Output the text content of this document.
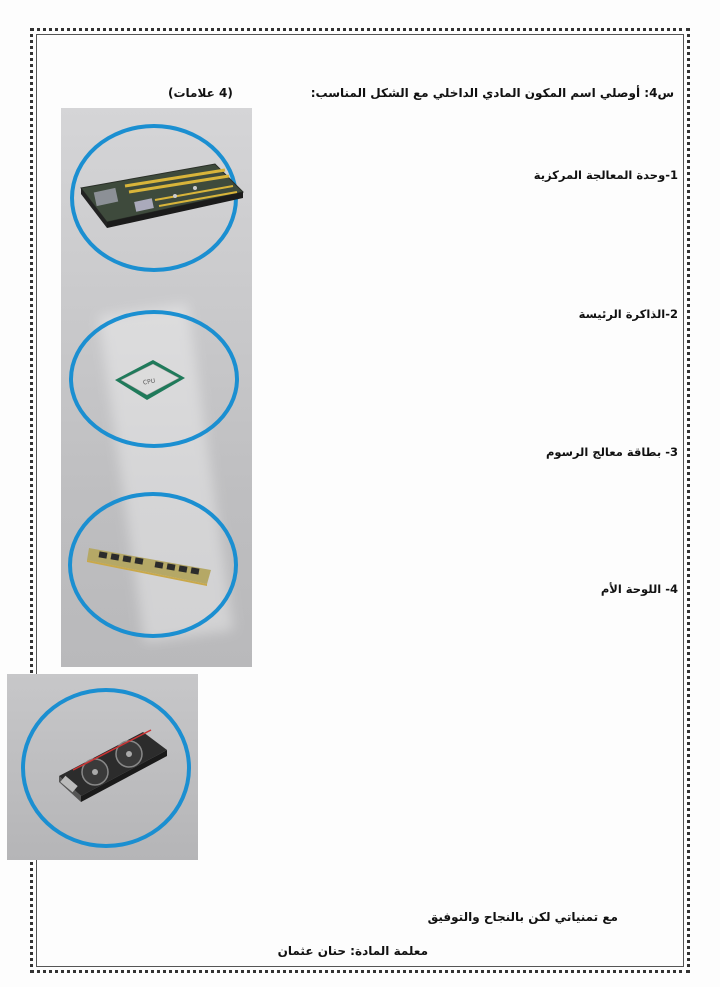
س4: أوصلي اسم المكون المادي الداخلي مع الشكل المناسب:
(4 علامات)
1-وحدة المعالجة المركزية
2-الذاكرة الرئيسة
3- بطاقة معالج الرسوم
4- اللوحة الأم
CPU
مع تمنياتي لكن بالنجاح والتوفيق
معلمة المادة: حنان عثمان
